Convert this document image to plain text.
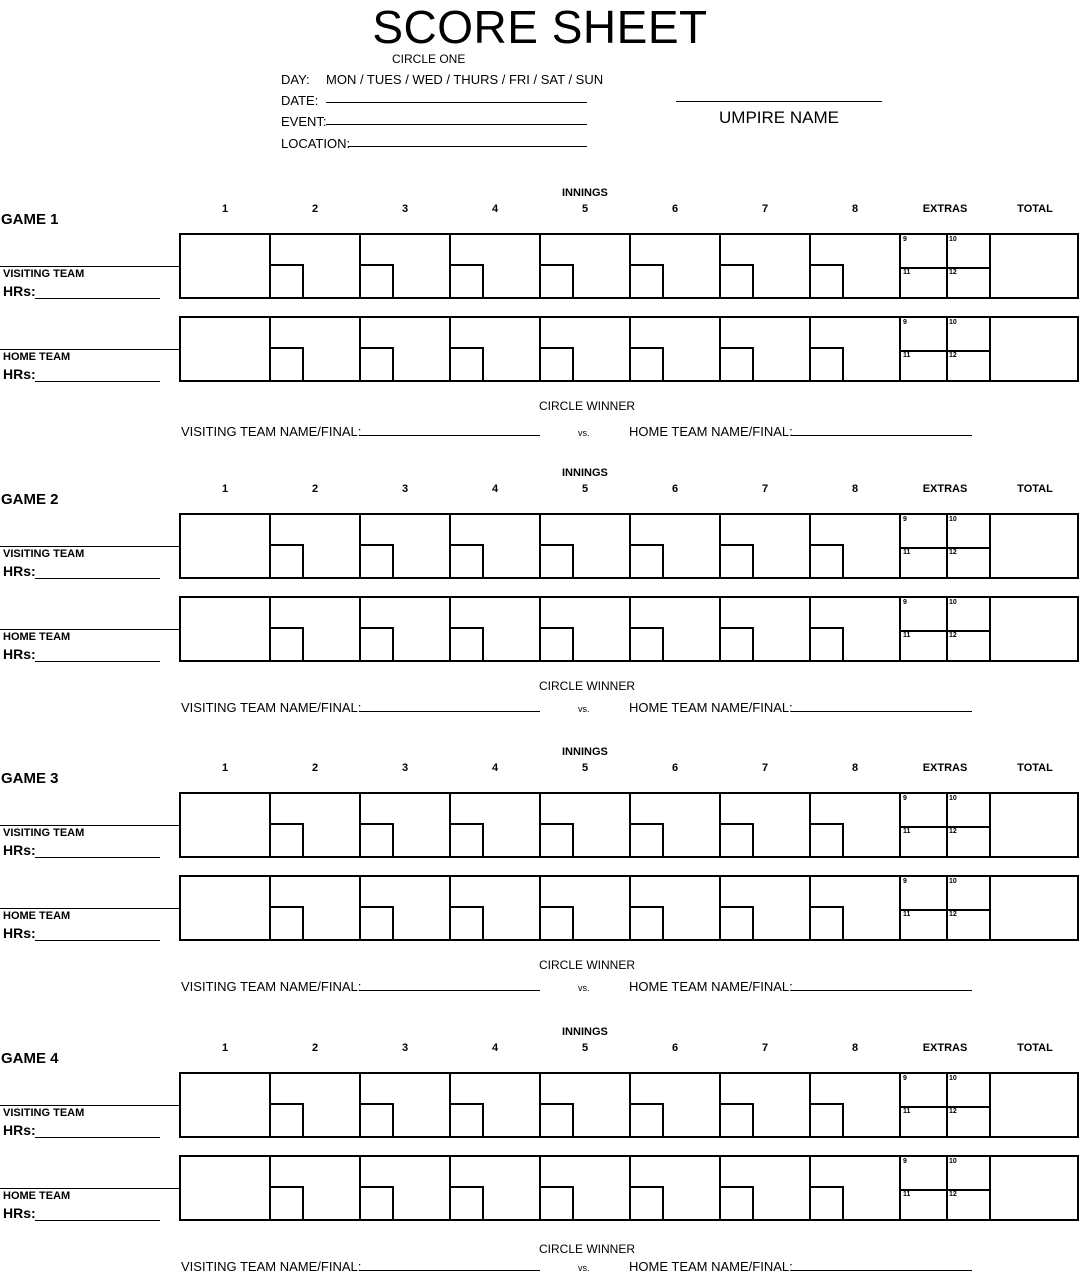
SCORE SHEET
CIRCLE ONE
DAY: MON / TUES / WED / THURS / FRI / SAT / SUN
DATE:
EVENT:
LOCATION:
UMPIRE NAME
INNINGS
1	2	3	4	5	6	7	8	EXTRAS	TOTAL
GAME 1
9	10
11	12
VISITING TEAM
HRs:
9	10
11	12
HOME TEAM
HRs:
CIRCLE WINNER
VISITING TEAM NAME/FINAL:	vs.	HOME TEAM NAME/FINAL:
INNINGS
1	2	3	4	5	6	7	8	EXTRAS	TOTAL
GAME 2
9	10
11	12
VISITING TEAM
HRs:
9	10
11	12
HOME TEAM
HRs:
CIRCLE WINNER
VISITING TEAM NAME/FINAL:	vs.	HOME TEAM NAME/FINAL:
INNINGS
1	2	3	4	5	6	7	8	EXTRAS	TOTAL
GAME 3
9	10
11	12
VISITING TEAM
HRs:
9	10
11	12
HOME TEAM
HRs:
CIRCLE WINNER
VISITING TEAM NAME/FINAL:	vs.	HOME TEAM NAME/FINAL:
INNINGS
1	2	3	4	5	6	7	8	EXTRAS	TOTAL
GAME 4
9	10
11	12
VISITING TEAM
HRs:
9	10
11	12
HOME TEAM
HRs:
CIRCLE WINNER
VISITING TEAM NAME/FINAL:	vs.	HOME TEAM NAME/FINAL:
